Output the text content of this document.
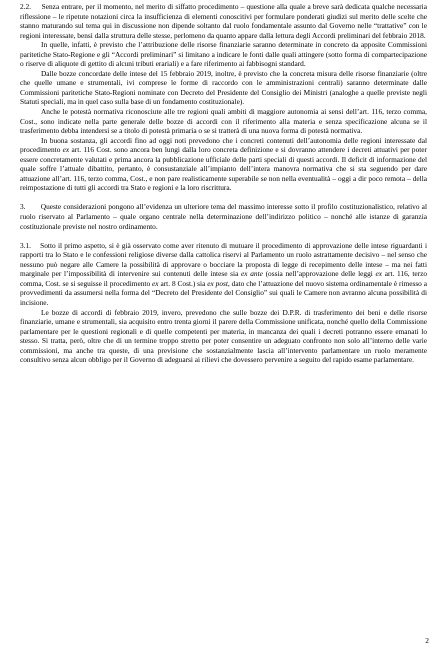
2.2.     Senza entrare, per il momento, nel merito di siffatto procedimento – questione alla quale a breve sarà dedicata qualche necessaria riflessione – le ripetute notazioni circa la insufficienza di elementi conoscitivi per formulare ponderati giudizi sul merito delle scelte che stanno maturando sul tema qui in discussione non dipende soltanto dal ruolo fondamentale assunto dal Governo nelle “trattative” con le regioni interessate, bensì dalla struttura delle stesse, perlomeno da quanto appare dalla lettura degli Accordi preliminari del febbraio 2018.

In quelle, infatti, è previsto che l’attribuzione delle risorse finanziarie saranno determinate in concreto da apposite Commissioni paritetiche Stato-Regione e gli “Accordi preliminari” si limitano a indicare le fonti dalle quali attingere (sotto forma di compartecipazione o riserve di aliquote di gettito di alcuni tributi erariali) e a fare riferimento ai fabbisogni standard.

Dalle bozze concordate delle intese del 15 febbraio 2019, inoltre, è previsto che la concreta misura delle risorse finanziarie (oltre che quelle umane e strumentali, ivi comprese le forme di raccordo con le amministrazioni centrali) saranno determinate dalle Commissioni paritetiche Stato-Regioni nominate con Decreto del Presidente del Consiglio dei Ministri (analoghe a quelle previste negli Statuti speciali, ma in quel caso sulla base di un fondamento costituzionale).

Anche le potestà normativa riconosciute alle tre regioni quali ambiti di maggiore autonomia ai sensi dell’art. 116, terzo comma, Cost., sono indicate nella parte generale delle bozze di accordi con il riferimento alla materia e senza specificazione alcuna se il trasferimento debba intendersi se a titolo di potestà primaria o se si tratterà di una nuova forma di potestà normativa.

In buona sostanza, gli accordi fino ad oggi noti prevedono che i concreti contenuti dell’autonomia delle regioni interessate dal procedimento ex art. 116 Cost. sono ancora ben lungi dalla loro concreta definizione e si dovranno attendere i decreti attuativi per poter essere concretamente valutati e prima ancora la pubblicazione ufficiale delle parti speciali di questi accordi. Il deficit di informazione del quale soffre l’attuale dibattito, pertanto, è consustanziale all’impianto dell’intera manovra normativa che si sta seguendo per dare attuazione all’art. 116, terzo comma, Cost., e non pare realisticamente superabile se non nella eventualità – oggi a dir poco remota – della reimpostazione di tutti gli accordi tra Stato e regioni e la loro riscrittura.

3.       Queste considerazioni pongono all’evidenza un ulteriore tema del massimo interesse sotto il profilo costituzionalistico, relativo al ruolo riservato al Parlamento – quale organo centrale nella determinazione dell’indirizzo politico – nonché alle istanze di garanzia costituzionale previste nel nostro ordinamento.

3.1.    Sotto il primo aspetto, si è già osservato come aver ritenuto di mutuare il procedimento di approvazione delle intese riguardanti i rapporti tra lo Stato e le confessioni religiose diverse dalla cattolica riservi al Parlamento un ruolo astrattamente decisivo – nel senso che nessuno può negare alle Camere la possibilità di approvare o bocciare la proposta di legge di recepimento delle intese – ma nei fatti marginale per l’impossibilità di intervenire sui contenuti delle intese sia ex ante (ossia nell’approvazione delle leggi ex art. 116, terzo comma, Cost. se si seguisse il procedimento ex art. 8 Cost.) sia ex post, dato che l’attuazione del nuovo sistema ordinamentale è rimesso a provvedimenti da assumersi nella forma del “Decreto del Presidente del Consiglio” sui quali le Camere non avranno alcuna possibilità di incisione.

Le bozze di accordi di febbraio 2019, invero, prevedono che sulle bozze dei D.P.R. di trasferimento dei beni e delle risorse finanziarie, umane e strumentali, sia acquisito entro trenta giorni il parere della Commissione unificata, nonché quello della Commissione parlamentare per le questioni regionali e di quelle competenti per materia, in mancanza dei quali i decreti potranno essere emanati lo stesso. Si tratta, però, oltre che di un termine troppo stretto per poter consentire un adeguato confronto non solo all’interno delle varie commissioni, ma anche tra queste, di una previsione che sostanzialmente lascia all’intervento parlamentare un ruolo meramente consultivo senza alcun obbligo per il Governo di adeguarsi ai rilievi che dovessero pervenire a seguito del rapido esame parlamentare.

2
